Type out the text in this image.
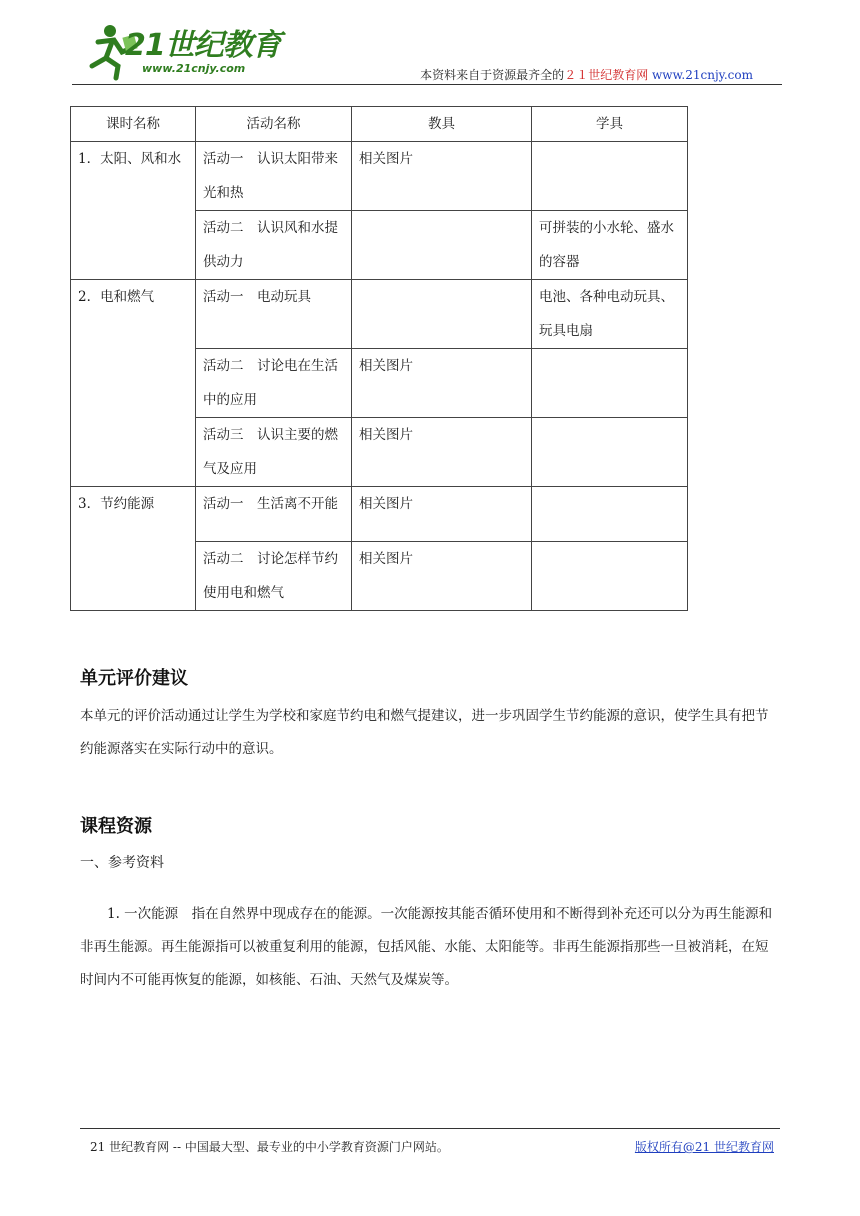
21世纪教育
www.21cnjy.com	本资料来自于资源最齐全的２１世纪教育网 www.21cnjy.com
课时名称	活动名称	教具	学具
1．太阳、风和水	活动一　认识太阳带来光和热	相关图片	
	活动二　认识风和水提供动力		可拼装的小水轮、盛水的容器
2．电和燃气	活动一　电动玩具		电池、各种电动玩具、玩具电扇
	活动二　讨论电在生活中的应用	相关图片	
	活动三　认识主要的燃气及应用	相关图片	
3．节约能源	活动一　生活离不开能	相关图片	
	活动二　讨论怎样节约使用电和燃气	相关图片	
单元评价建议
本单元的评价活动通过让学生为学校和家庭节约电和燃气提建议，进一步巩固学生节约能源的意识，使学生具有把节约能源落实在实际行动中的意识。
课程资源
一、参考资料
　　1. 一次能源　指在自然界中现成存在的能源。一次能源按其能否循环使用和不断得到补充还可以分为再生能源和非再生能源。再生能源指可以被重复利用的能源，包括风能、水能、太阳能等。非再生能源指那些一旦被消耗，在短时间内不可能再恢复的能源，如核能、石油、天然气及煤炭等。
21 世纪教育网 -- 中国最大型、最专业的中小学教育资源门户网站。	版权所有@21 世纪教育网
